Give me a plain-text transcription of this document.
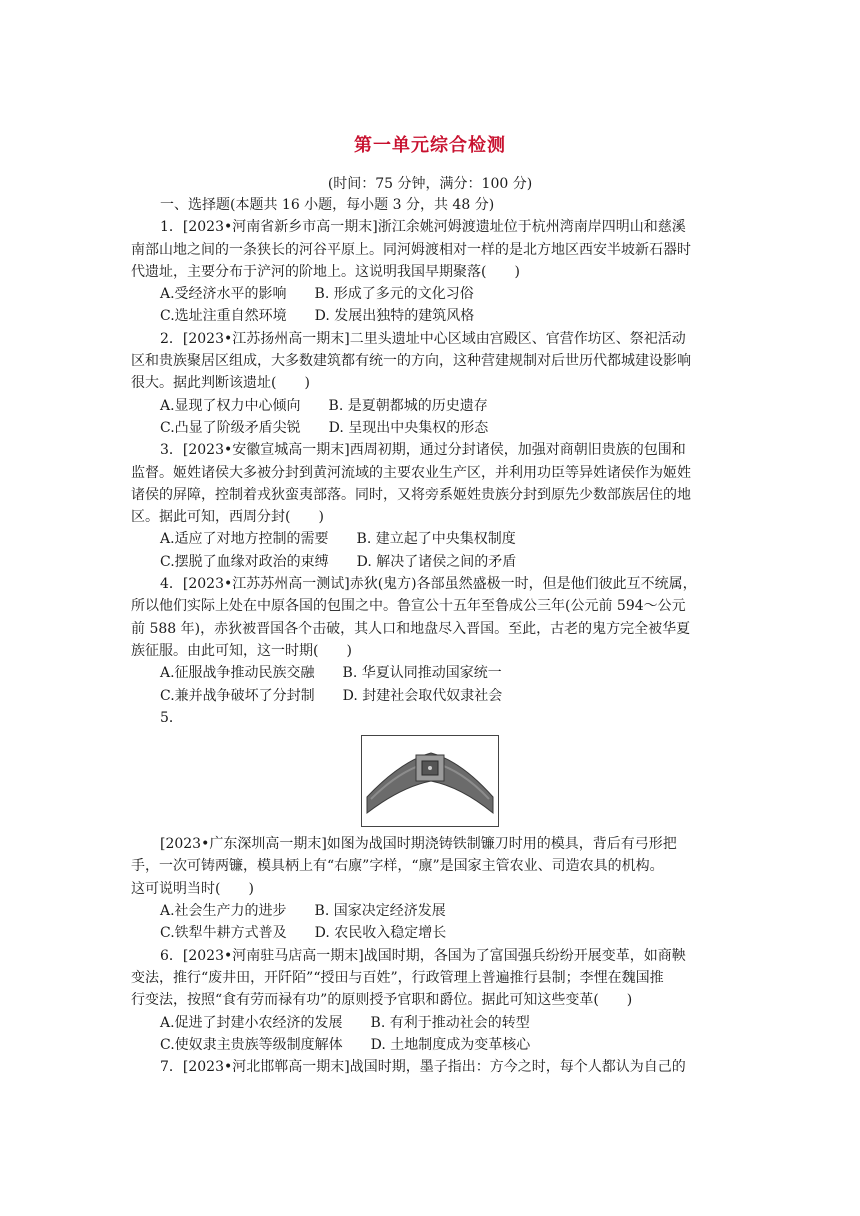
第一单元综合检测
(时间：75 分钟，满分：100 分)

一、选择题(本题共 16 小题，每小题 3 分，共 48 分)

1．[2023•河南省新乡市高一期末]浙江余姚河姆渡遗址位于杭州湾南岸四明山和慈溪

南部山地之间的一条狭长的河谷平原上。同河姆渡相对一样的是北方地区西安半坡新石器时

代遗址，主要分布于浐河的阶地上。这说明我国早期聚落(　　)

A.受经济水平的影响　　B. 形成了多元的文化习俗

C.选址注重自然环境　　D. 发展出独特的建筑风格

2．[2023•江苏扬州高一期末]二里头遗址中心区域由宫殿区、官营作坊区、祭祀活动

区和贵族聚居区组成，大多数建筑都有统一的方向，这种营建规制对后世历代都城建设影响

很大。据此判断该遗址(　　)

A.显现了权力中心倾向　　B. 是夏朝都城的历史遗存

C.凸显了阶级矛盾尖锐　　D. 呈现出中央集权的形态

3．[2023•安徽宣城高一期末]西周初期，通过分封诸侯，加强对商朝旧贵族的包围和

监督。姬姓诸侯大多被分封到黄河流域的主要农业生产区，并利用功臣等异姓诸侯作为姬姓

诸侯的屏障，控制着戎狄蛮夷部落。同时，又将旁系姬姓贵族分封到原先少数部族居住的地

区。据此可知，西周分封(　　)

A.适应了对地方控制的需要　　B. 建立起了中央集权制度

C.摆脱了血缘对政治的束缚　　D. 解决了诸侯之间的矛盾

4．[2023•江苏苏州高一测试]赤狄(鬼方)各部虽然盛极一时，但是他们彼此互不统属，

所以他们实际上处在中原各国的包围之中。鲁宣公十五年至鲁成公三年(公元前 594～公元

前 588 年)，赤狄被晋国各个击破，其人口和地盘尽入晋国。至此，古老的鬼方完全被华夏

族征服。由此可知，这一时期(　　)

A.征服战争推动民族交融　　B. 华夏认同推动国家统一

C.兼并战争破坏了分封制　　D. 封建社会取代奴隶社会

5．

[2023•广东深圳高一期末]如图为战国时期浇铸铁制镰刀时用的模具，背后有弓形把

手，一次可铸两镰，模具柄上有“右廪”字样，“廪”是国家主管农业、司造农具的机构。

这可说明当时(　　)

A.社会生产力的进步　　B. 国家决定经济发展

C.铁犁牛耕方式普及　　D. 农民收入稳定增长

6．[2023•河南驻马店高一期末]战国时期，各国为了富国强兵纷纷开展变革，如商鞅

变法，推行“废井田，开阡陌”“授田与百姓”，行政管理上普遍推行县制；李悝在魏国推

行变法，按照“食有劳而禄有功”的原则授予官职和爵位。据此可知这些变革(　　)

A.促进了封建小农经济的发展　　B. 有利于推动社会的转型

C.使奴隶主贵族等级制度解体　　D. 土地制度成为变革核心

7．[2023•河北邯郸高一期末]战国时期，墨子指出：方今之时，每个人都认为自己的
